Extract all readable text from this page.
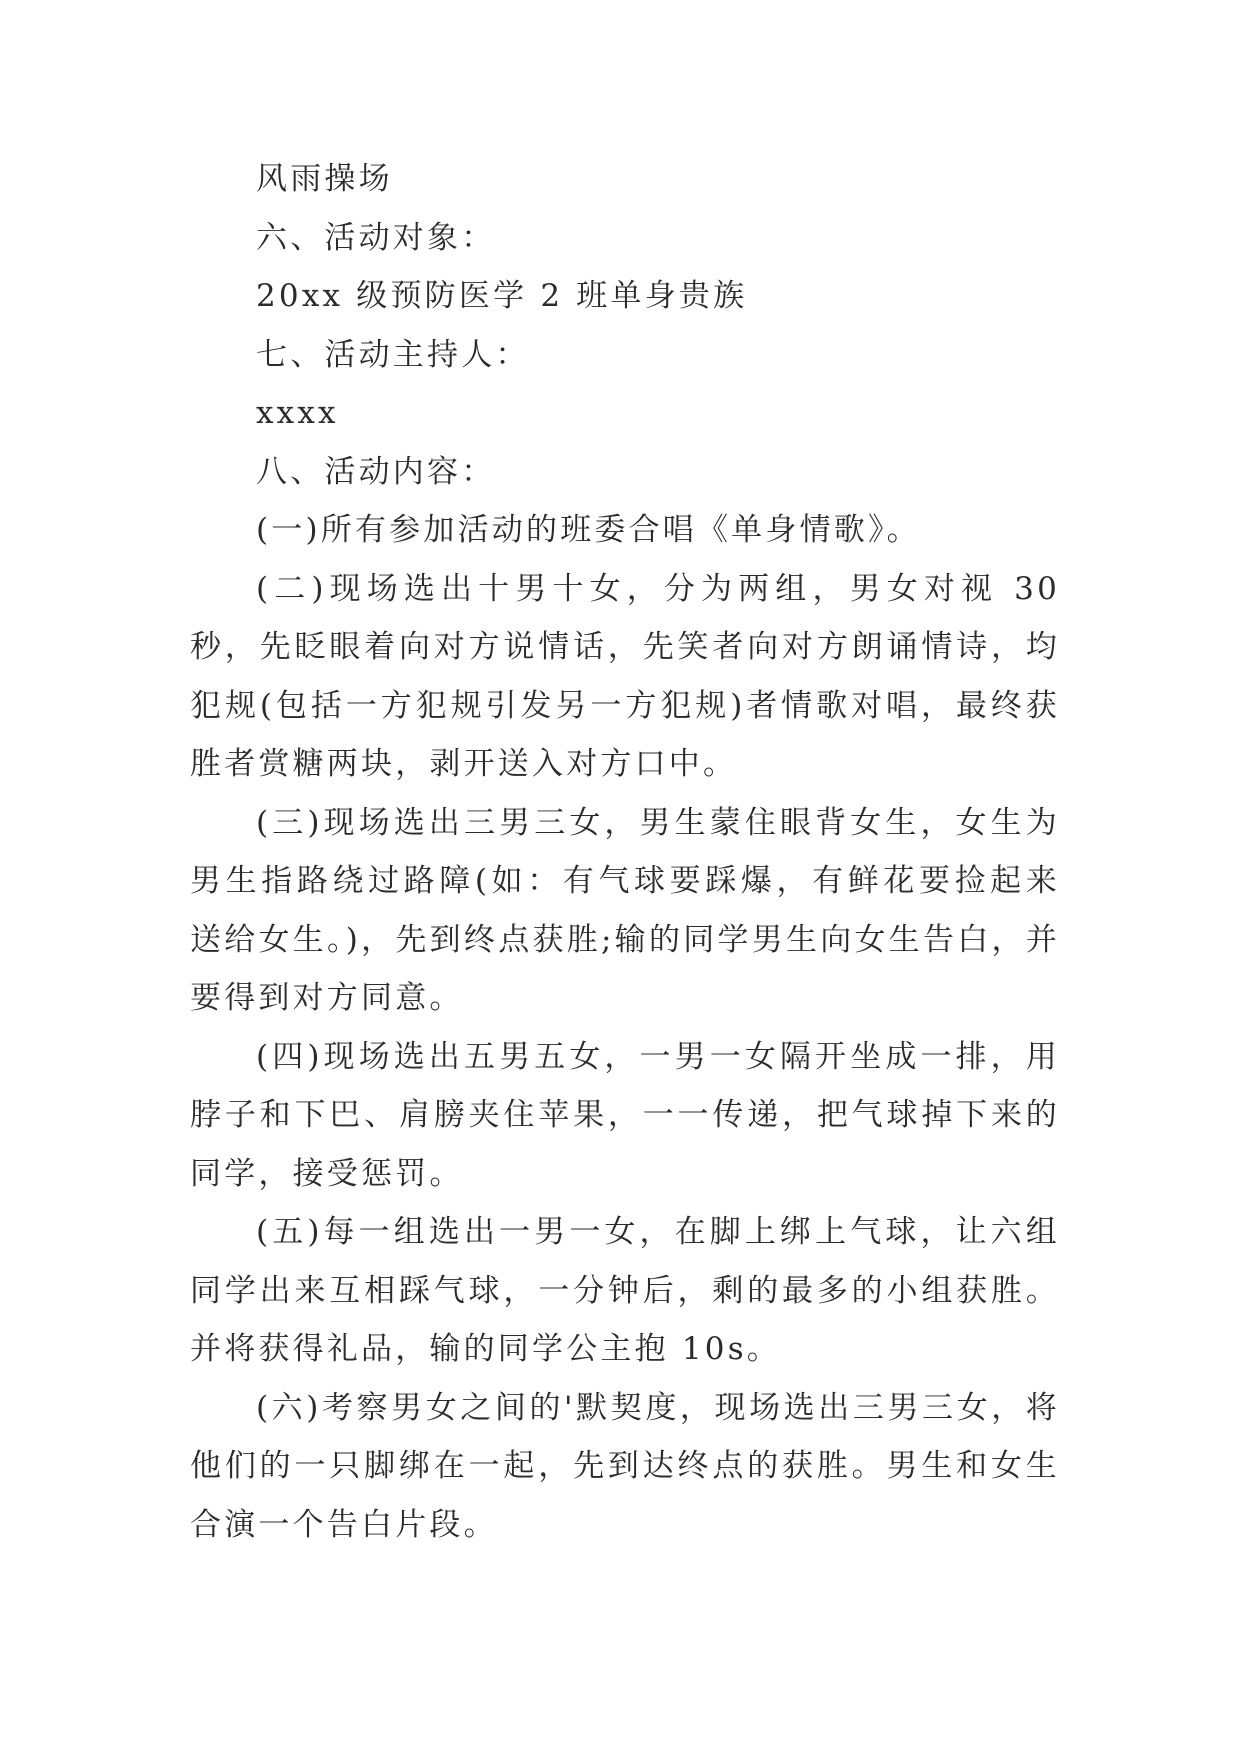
风雨操场

六、活动对象：

20xx 级预防医学 2 班单身贵族

七、活动主持人：

xxxx

八、活动内容：

(一)所有参加活动的班委合唱《单身情歌》。

(二)现场选出十男十女，分为两组，男女对视 30 秒，先眨眼着向对方说情话，先笑者向对方朗诵情诗，均犯规(包括一方犯规引发另一方犯规)者情歌对唱，最终获胜者赏糖两块，剥开送入对方口中。

(三)现场选出三男三女，男生蒙住眼背女生，女生为男生指路绕过路障(如：有气球要踩爆，有鲜花要捡起来送给女生。)，先到终点获胜;输的同学男生向女生告白，并要得到对方同意。

(四)现场选出五男五女，一男一女隔开坐成一排，用脖子和下巴、肩膀夹住苹果，一一传递，把气球掉下来的同学，接受惩罚。

(五)每一组选出一男一女，在脚上绑上气球，让六组同学出来互相踩气球，一分钟后，剩的最多的小组获胜。并将获得礼品，输的同学公主抱 10s。

(六)考察男女之间的'默契度，现场选出三男三女，将他们的一只脚绑在一起，先到达终点的获胜。男生和女生合演一个告白片段。
